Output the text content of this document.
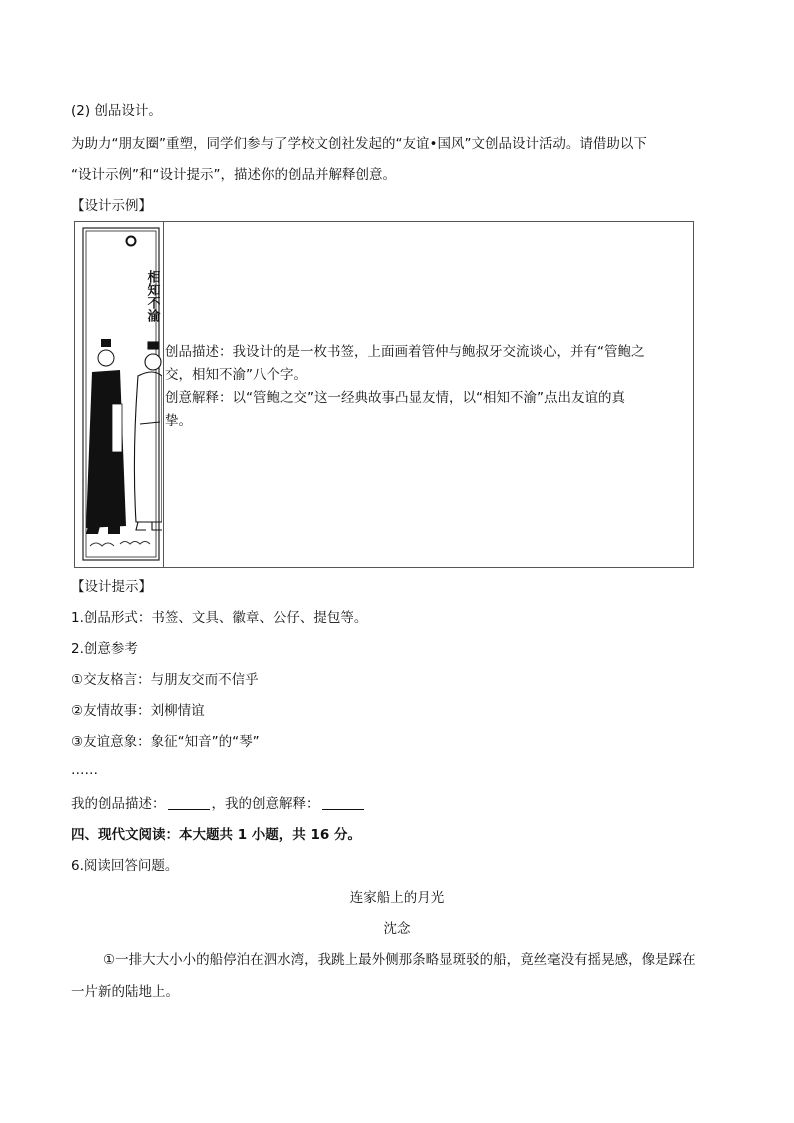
(2) 创品设计。
为助力“朋友圈”重塑，同学们参与了学校文创社发起的“友谊•国风”文创品设计活动。请借助以下
“设计示例”和“设计提示”，描述你的创品并解释创意。
【设计示例】
相知不渝

创品描述：我设计的是一枚书签，上面画着管仲与鲍叔牙交流谈心，并有“管鲍之

交，相知不渝”八个字。

创意解释：以“管鲍之交”这一经典故事凸显友情，以“相知不渝”点出友谊的真

挚。

【设计提示】
1.创品形式：书签、文具、徽章、公仔、提包等。
2.创意参考
①交友格言：与朋友交而不信乎
②友情故事：刘柳情谊
③友谊意象：象征“知音”的“琴”
……
我的创品描述：	，我的创意解释：
四、现代文阅读：本大题共 1 小题，共 16 分。
6.阅读回答问题。
连家船上的月光
沈念
①一排大大小小的船停泊在泗水湾，我跳上最外侧那条略显斑驳的船，竟丝毫没有摇晃感，像是踩在
一片新的陆地上。
